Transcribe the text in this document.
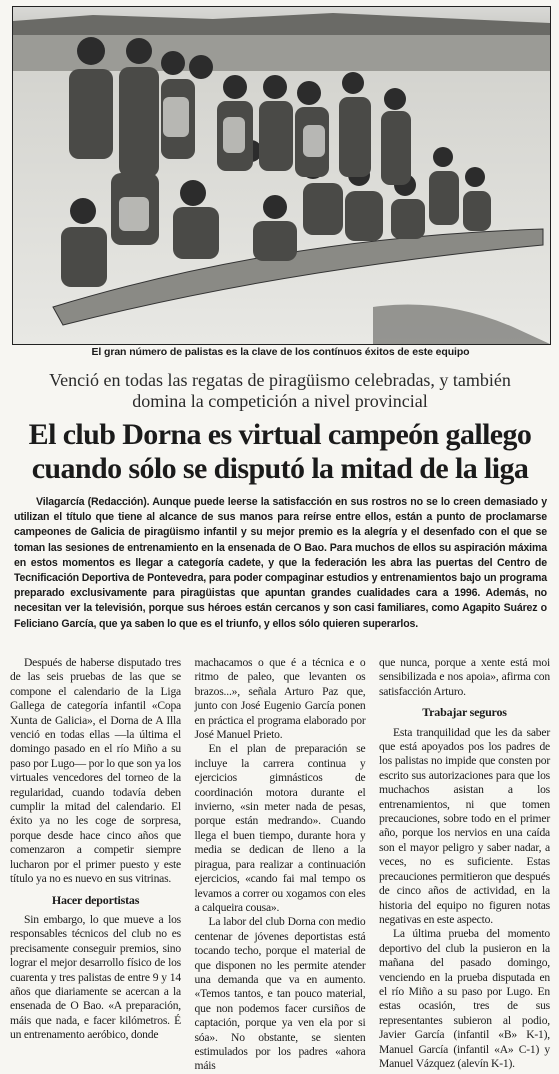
El gran número de palistas es la clave de los contínuos éxitos de este equipo
Venció en todas las regatas de piragüismo celebradas, y también domina la competición a nivel provincial
El club Dorna es virtual campeón gallego cuando sólo se disputó la mitad de la liga
Vilagarcía (Redacción). Aunque puede leerse la satisfacción en sus rostros no se lo creen demasiado y utilizan el título que tiene al alcance de sus manos para reírse entre ellos, están a punto de proclamarse campeones de Galicia de piragüismo infantil y su mejor premio es la alegría y el desenfado con el que se toman las sesiones de entrenamiento en la ensenada de O Bao. Para muchos de ellos su aspiración máxima en estos momentos es llegar a categoría cadete, y que la federación les abra las puertas del Centro de Tecnificación Deportiva de Pontevedra, para poder compaginar estudios y entrenamientos bajo un programa preparado exclusivamente para piragüistas que apuntan grandes cualidades cara a 1996. Además, no necesitan ver la televisión, porque sus héroes están cercanos y son casi familiares, como Agapito Suárez o Feliciano García, que ya saben lo que es el triunfo, y ellos sólo quieren superarlos.

Después de haberse disputado tres de las seis pruebas de las que se compone el calendario de la Liga Gallega de categoría infantil «Copa Xunta de Galicia», el Dorna de A Illa venció en todas ellas —la última el domingo pasado en el río Miño a su paso por Lugo— por lo que son ya los virtuales vencedores del torneo de la regularidad, cuando todavía deben cumplir la mitad del calendario. El éxito ya no les coge de sorpresa, porque desde hace cinco años que comenzaron a competir siempre lucharon por el primer puesto y este título ya no es nuevo en sus vitrinas.

Hacer deportistas

Sin embargo, lo que mueve a los responsables técnicos del club no es precisamente conseguir premios, sino lograr el mejor desarrollo físico de los cuarenta y tres palistas de entre 9 y 14 años que diariamente se acercan a la ensenada de O Bao. «A preparación, máis que nada, e facer kilómetros. É un entrenamento aeróbico, donde

machacamos o que é a técnica e o ritmo de paleo, que levanten os brazos...», señala Arturo Paz que, junto con José Eugenio García ponen en práctica el programa elaborado por José Manuel Prieto.

En el plan de preparación se incluye la carrera continua y ejercicios gimnásticos de coordinación motora durante el invierno, «sin meter nada de pesas, porque están medrando». Cuando llega el buen tiempo, durante hora y media se dedican de lleno a la piragua, para realizar a continuación ejercicios, «cando fai mal tempo os levamos a correr ou xogamos con eles a calqueira cousa».

La labor del club Dorna con medio centenar de jóvenes deportistas está tocando techo, porque el material de que disponen no les permite atender una demanda que va en aumento. «Temos tantos, e tan pouco material, que non podemos facer cursiños de captación, porque ya ven ela por si sóa». No obstante, se sienten estimulados por los padres «ahora máis

que nunca, porque a xente está moi sensibilizada e nos apoia», afirma con satisfacción Arturo.

Trabajar seguros

Esta tranquilidad que les da saber que está apoyados pos los padres de los palistas no impide que consten por escrito sus autorizaciones para que los muchachos asistan a los entrenamientos, ni que tomen precauciones, sobre todo en el primer año, porque los nervios en una caída son el mayor peligro y saber nadar, a veces, no es suficiente. Estas precauciones permitieron que después de cinco años de actividad, en la historia del equipo no figuren notas negativas en este aspecto.

La última prueba del momento deportivo del club la pusieron en la mañana del pasado domingo, venciendo en la prueba disputada en el río Miño a su paso por Lugo. En estas ocasión, tres de sus representantes subieron al podio, Javier García (infantil «B» K-1), Manuel García (infantil «A» C-1) y Manuel Vázquez (alevín K-1).
